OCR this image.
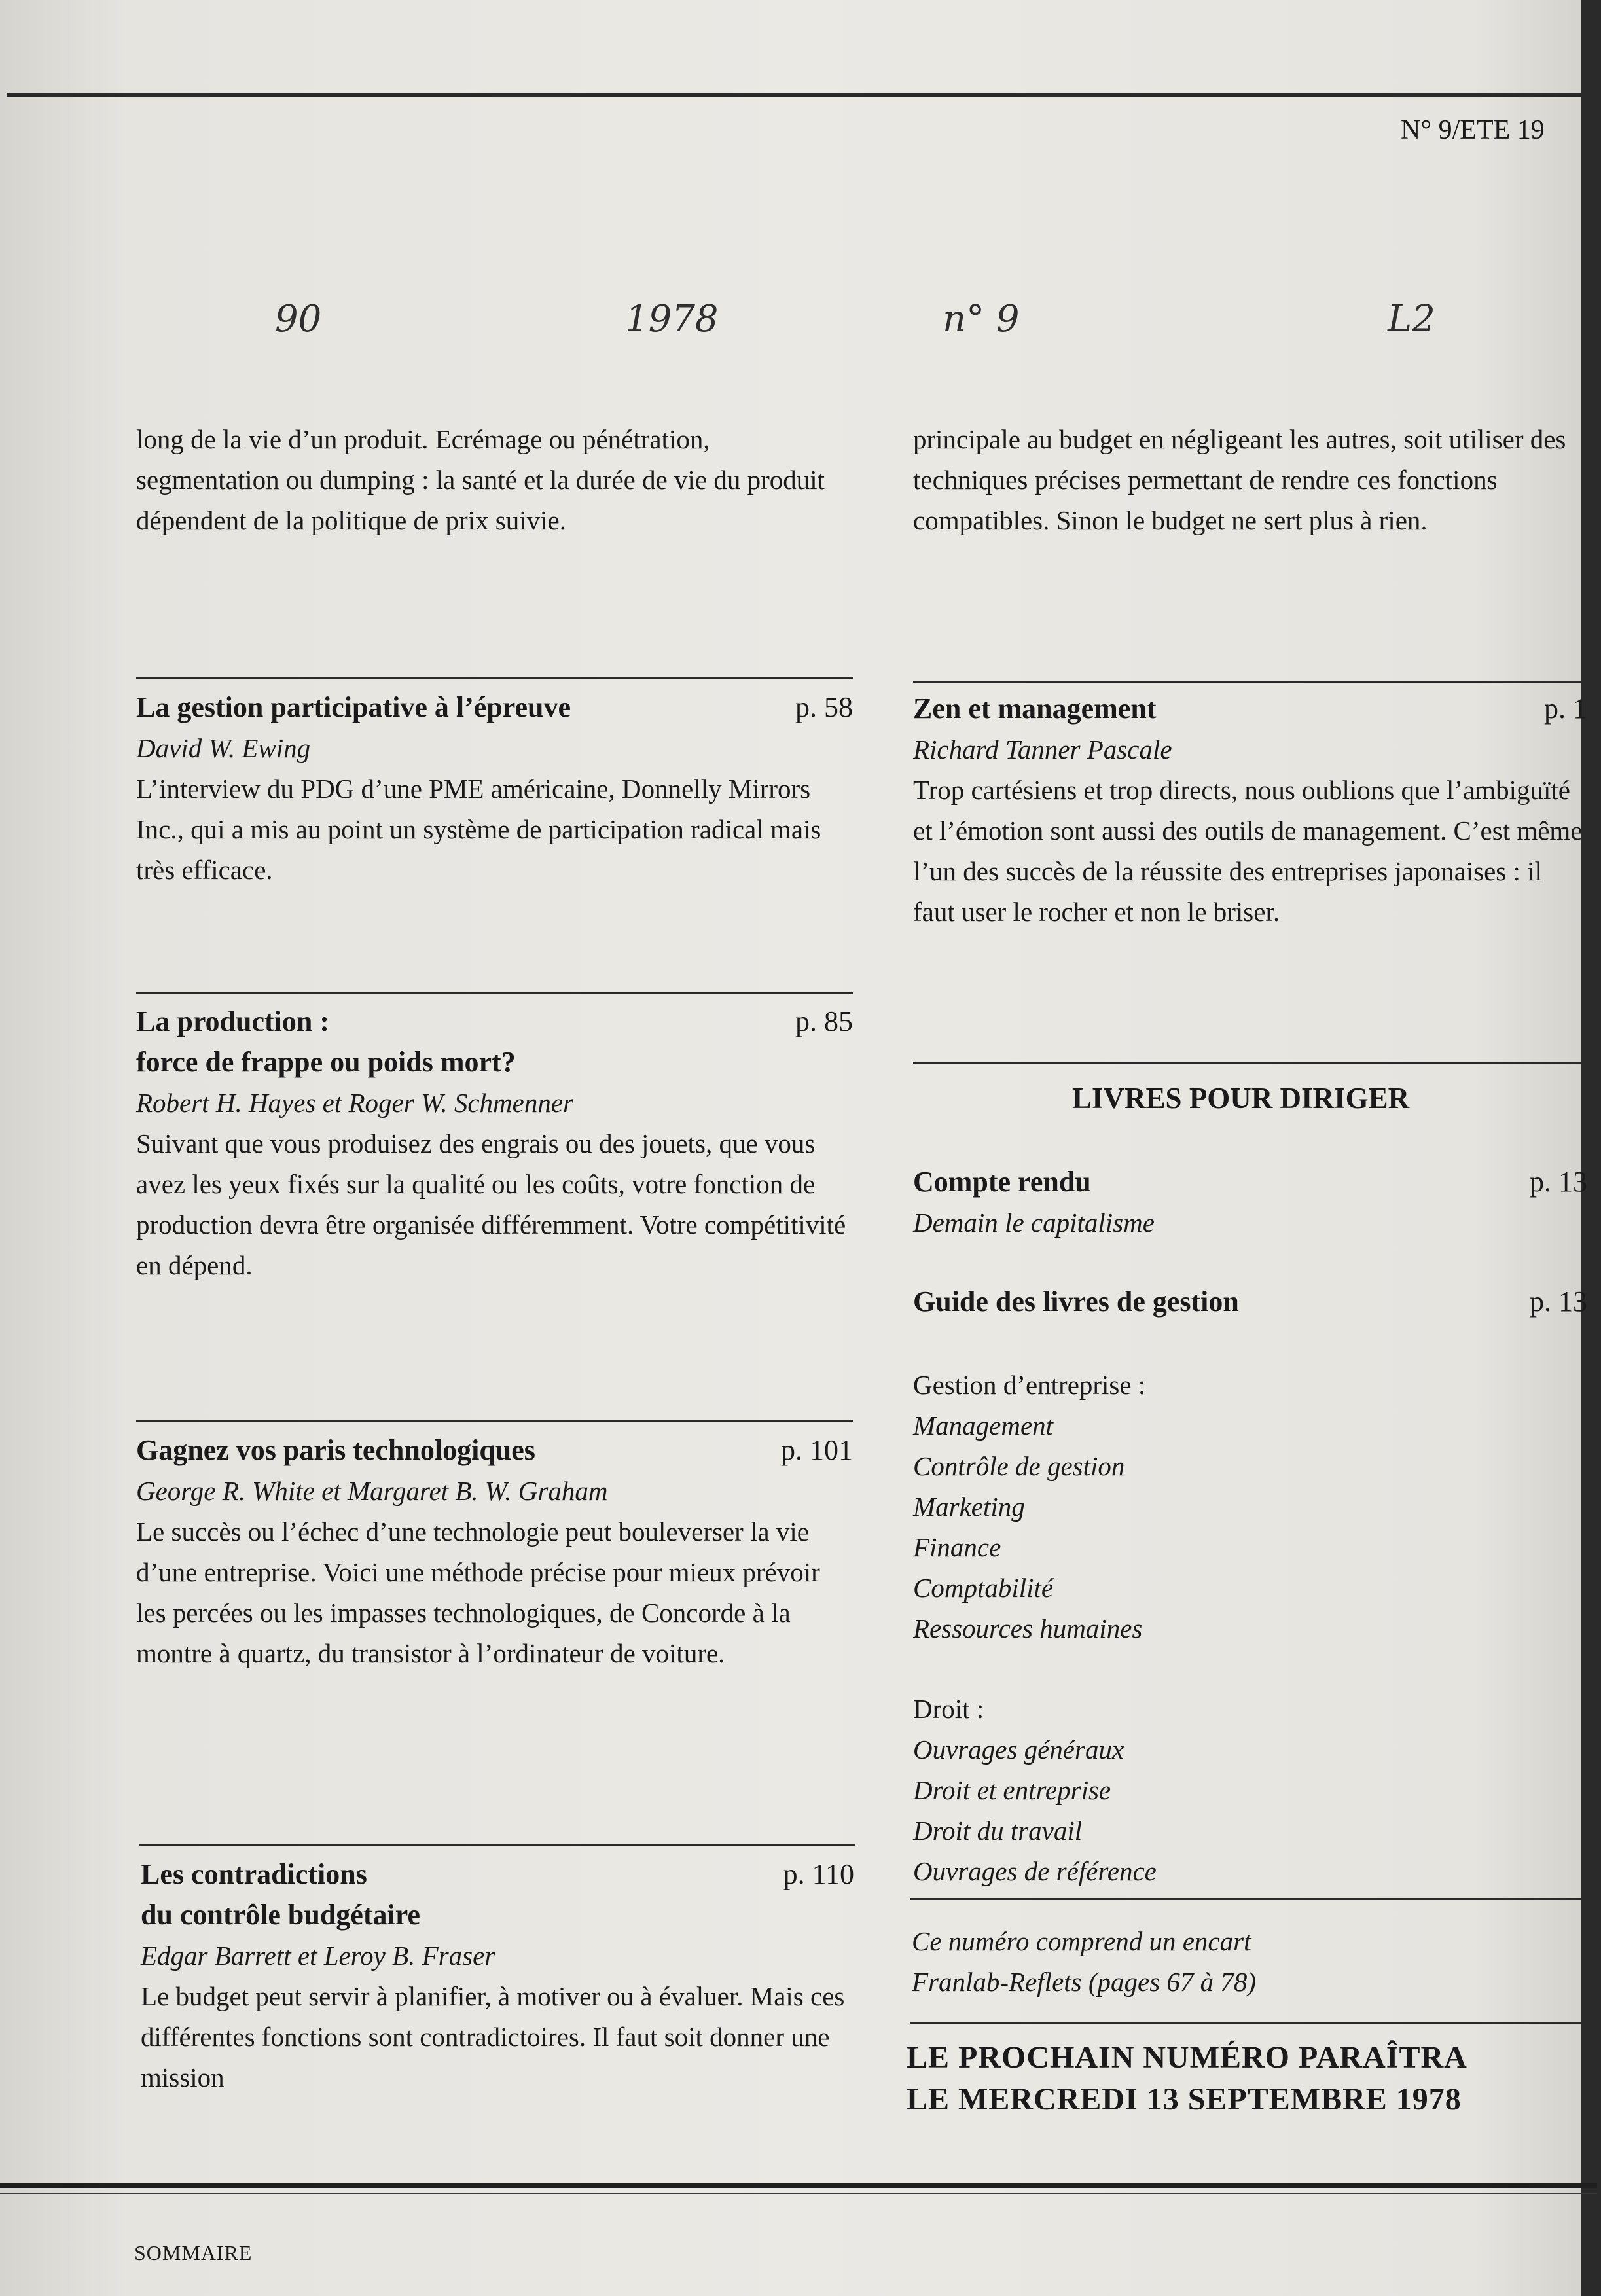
N° 9/ETE 19
90	1978	n° 9	L2

long de la vie d’un produit. Ecrémage ou pénétration, segmentation ou dumping : la santé et la durée de vie du produit dépendent de la politique de prix suivie.

La gestion participative à l’épreuve	p. 58
David W. Ewing

L’interview du PDG d’une PME américaine, Donnelly Mirrors Inc., qui a mis au point un système de participation radical mais très efficace.

La production :	p. 85
force de frappe ou poids mort?
Robert H. Hayes et Roger W. Schmenner

Suivant que vous produisez des engrais ou des jouets, que vous avez les yeux fixés sur la qualité ou les coûts, votre fonction de production devra être organisée différemment. Votre compétitivité en dépend.

Gagnez vos paris technologiques	p. 101
George R. White et Margaret B. W. Graham

Le succès ou l’échec d’une technologie peut bouleverser la vie d’une entreprise. Voici une méthode précise pour mieux prévoir les percées ou les impasses technologiques, de Concorde à la montre à quartz, du transistor à l’ordinateur de voiture.

Les contradictions	p. 110
du contrôle budgétaire
Edgar Barrett et Leroy B. Fraser

Le budget peut servir à planifier, à motiver ou à évaluer. Mais ces différentes fonctions sont contradictoires. Il faut soit donner une mission

principale au budget en négligeant les autres, soit utiliser des techniques précises permettant de rendre ces fonctions compatibles. Sinon le budget ne sert plus à rien.

Zen et management	p. 1
Richard Tanner Pascale

Trop cartésiens et trop directs, nous oublions que l’ambiguïté et l’émotion sont aussi des outils de management. C’est même l’un des succès de la réussite des entreprises japonaises : il faut user le rocher et non le briser.

LIVRES POUR DIRIGER
Compte rendu	p. 13
Demain le capitalisme
Guide des livres de gestion	p. 13
Gestion d’entreprise :
Management
Contrôle de gestion
Marketing
Finance
Comptabilité
Ressources humaines
Droit :
Ouvrages généraux
Droit et entreprise
Droit du travail
Ouvrages de référence
Ce numéro comprend un encart
Franlab-Reflets (pages 67 à 78)
LE PROCHAIN NUMÉRO PARAÎTRA
LE MERCREDI 13 SEPTEMBRE 1978
SOMMAIRE
